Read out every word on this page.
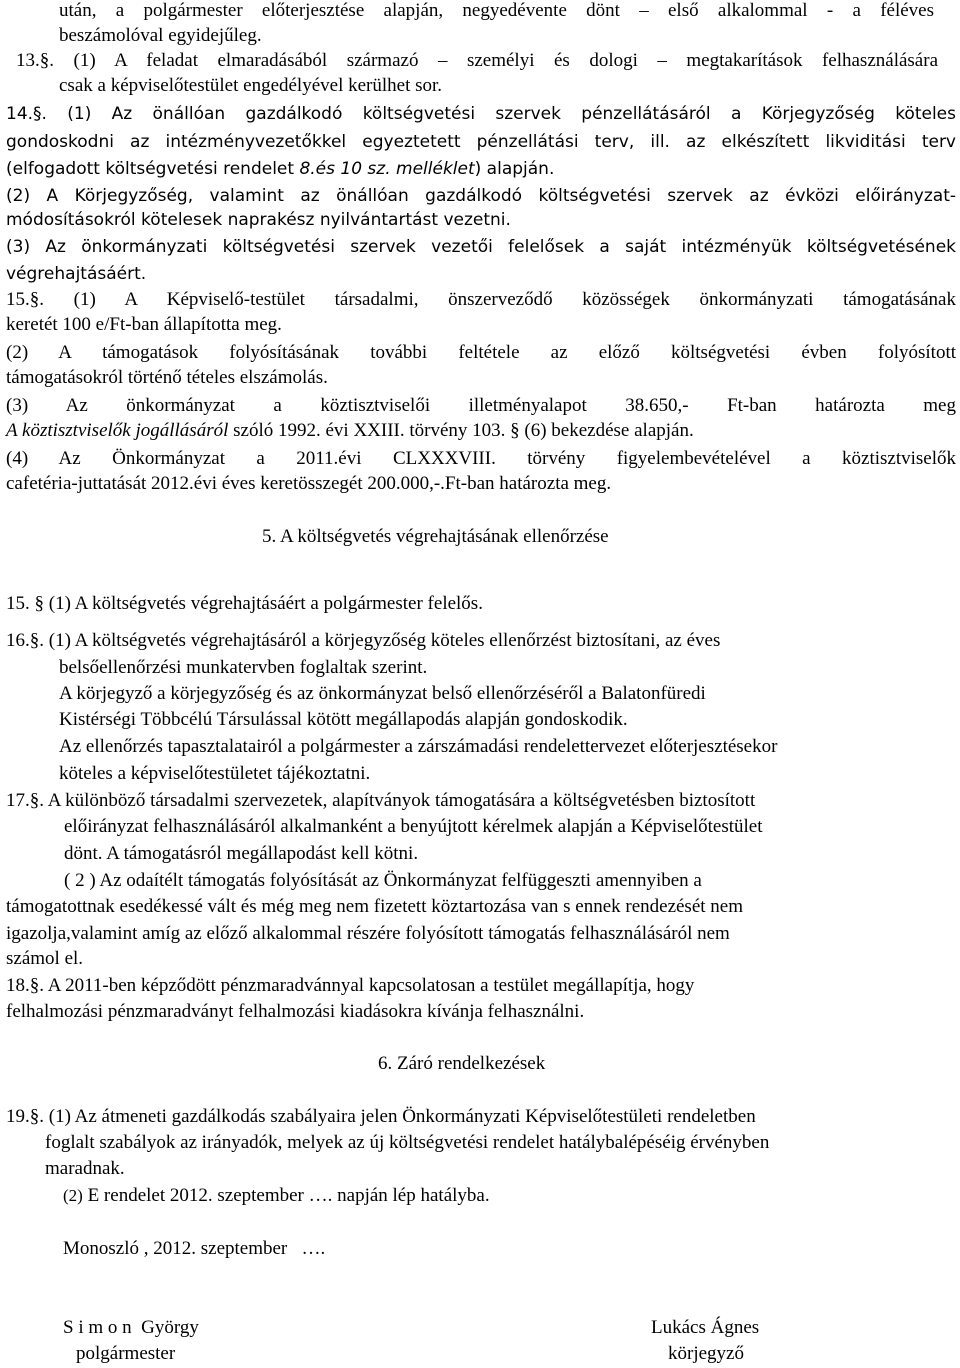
után, a polgármester előterjesztése alapján, negyedévente dönt – első alkalommal - a féléves
beszámolóval egyidejűleg.
13.§. (1) A feladat elmaradásából származó – személyi és dologi – megtakarítások felhasználására
csak a képviselőtestület engedélyével kerülhet sor.
14.§. (1) Az önállóan gazdálkodó költségvetési szervek pénzellátásáról a Körjegyzőség köteles
gondoskodni az intézményvezetőkkel egyeztetett pénzellátási terv, ill. az elkészített likviditási terv
(elfogadott költségvetési rendelet 8.és 10 sz. melléklet) alapján.
(2) A Körjegyzőség, valamint az önállóan gazdálkodó költségvetési szervek az évközi előirányzat-
módosításokról kötelesek naprakész nyilvántartást vezetni.
(3) Az önkormányzati költségvetési szervek vezetői felelősek a saját intézményük költségvetésének
végrehajtásáért.
15.§. (1) A Képviselő-testület társadalmi, önszerveződő közösségek önkormányzati támogatásának
keretét 100 e/Ft-ban állapította meg.
(2) A támogatások folyósításának további feltétele az előző költségvetési évben folyósított
támogatásokról történő tételes elszámolás.
(3) Az önkormányzat a köztisztviselői illetményalapot 38.650,- Ft-ban határozta meg
A köztisztviselők jogállásáról szóló 1992. évi XXIII. törvény 103. § (6) bekezdése alapján.
(4) Az Önkormányzat a 2011.évi CLXXXVIII. törvény figyelembevételével a köztisztviselők
cafetéria-juttatását 2012.évi éves keretösszegét 200.000,-.Ft-ban határozta meg.
5. A költségvetés végrehajtásának ellenőrzése
15. § (1) A költségvetés végrehajtásáért a polgármester felelős.
16.§. (1) A költségvetés végrehajtásáról a körjegyzőség köteles ellenőrzést biztosítani, az éves
belsőellenőrzési munkatervben foglaltak szerint.
A körjegyző a körjegyzőség és az önkormányzat belső ellenőrzéséről a Balatonfüredi
Kistérségi Többcélú Társulással kötött megállapodás alapján gondoskodik.
Az ellenőrzés tapasztalatairól a polgármester a zárszámadási rendelettervezet előterjesztésekor
köteles a képviselőtestületet tájékoztatni.
17.§. A különböző társadalmi szervezetek, alapítványok támogatására a költségvetésben biztosított
előirányzat felhasználásáról alkalmanként a benyújtott kérelmek alapján a Képviselőtestület
dönt. A támogatásról megállapodást kell kötni.
( 2 ) Az odaítélt támogatás folyósítását az Önkormányzat felfüggeszti amennyiben a
támogatottnak esedékessé vált és még meg nem fizetett köztartozása van s ennek rendezését nem
igazolja,valamint amíg az előző alkalommal részére folyósított támogatás felhasználásáról nem
számol el.
18.§. A 2011-ben képződött pénzmaradvánnyal kapcsolatosan a testület megállapítja, hogy
felhalmozási pénzmaradványt felhalmozási kiadásokra kívánja felhasználni.
6. Záró rendelkezések
19.§. (1) Az átmeneti gazdálkodás szabályaira jelen Önkormányzati Képviselőtestületi rendeletben
foglalt szabályok az irányadók, melyek az új költségvetési rendelet hatálybalépéséig érvényben
maradnak.
(2) E rendelet 2012. szeptember …. napján lép hatályba.
Monoszló , 2012. szeptember   ….
S i m o n  György
polgármester
Lukács Ágnes
körjegyző
